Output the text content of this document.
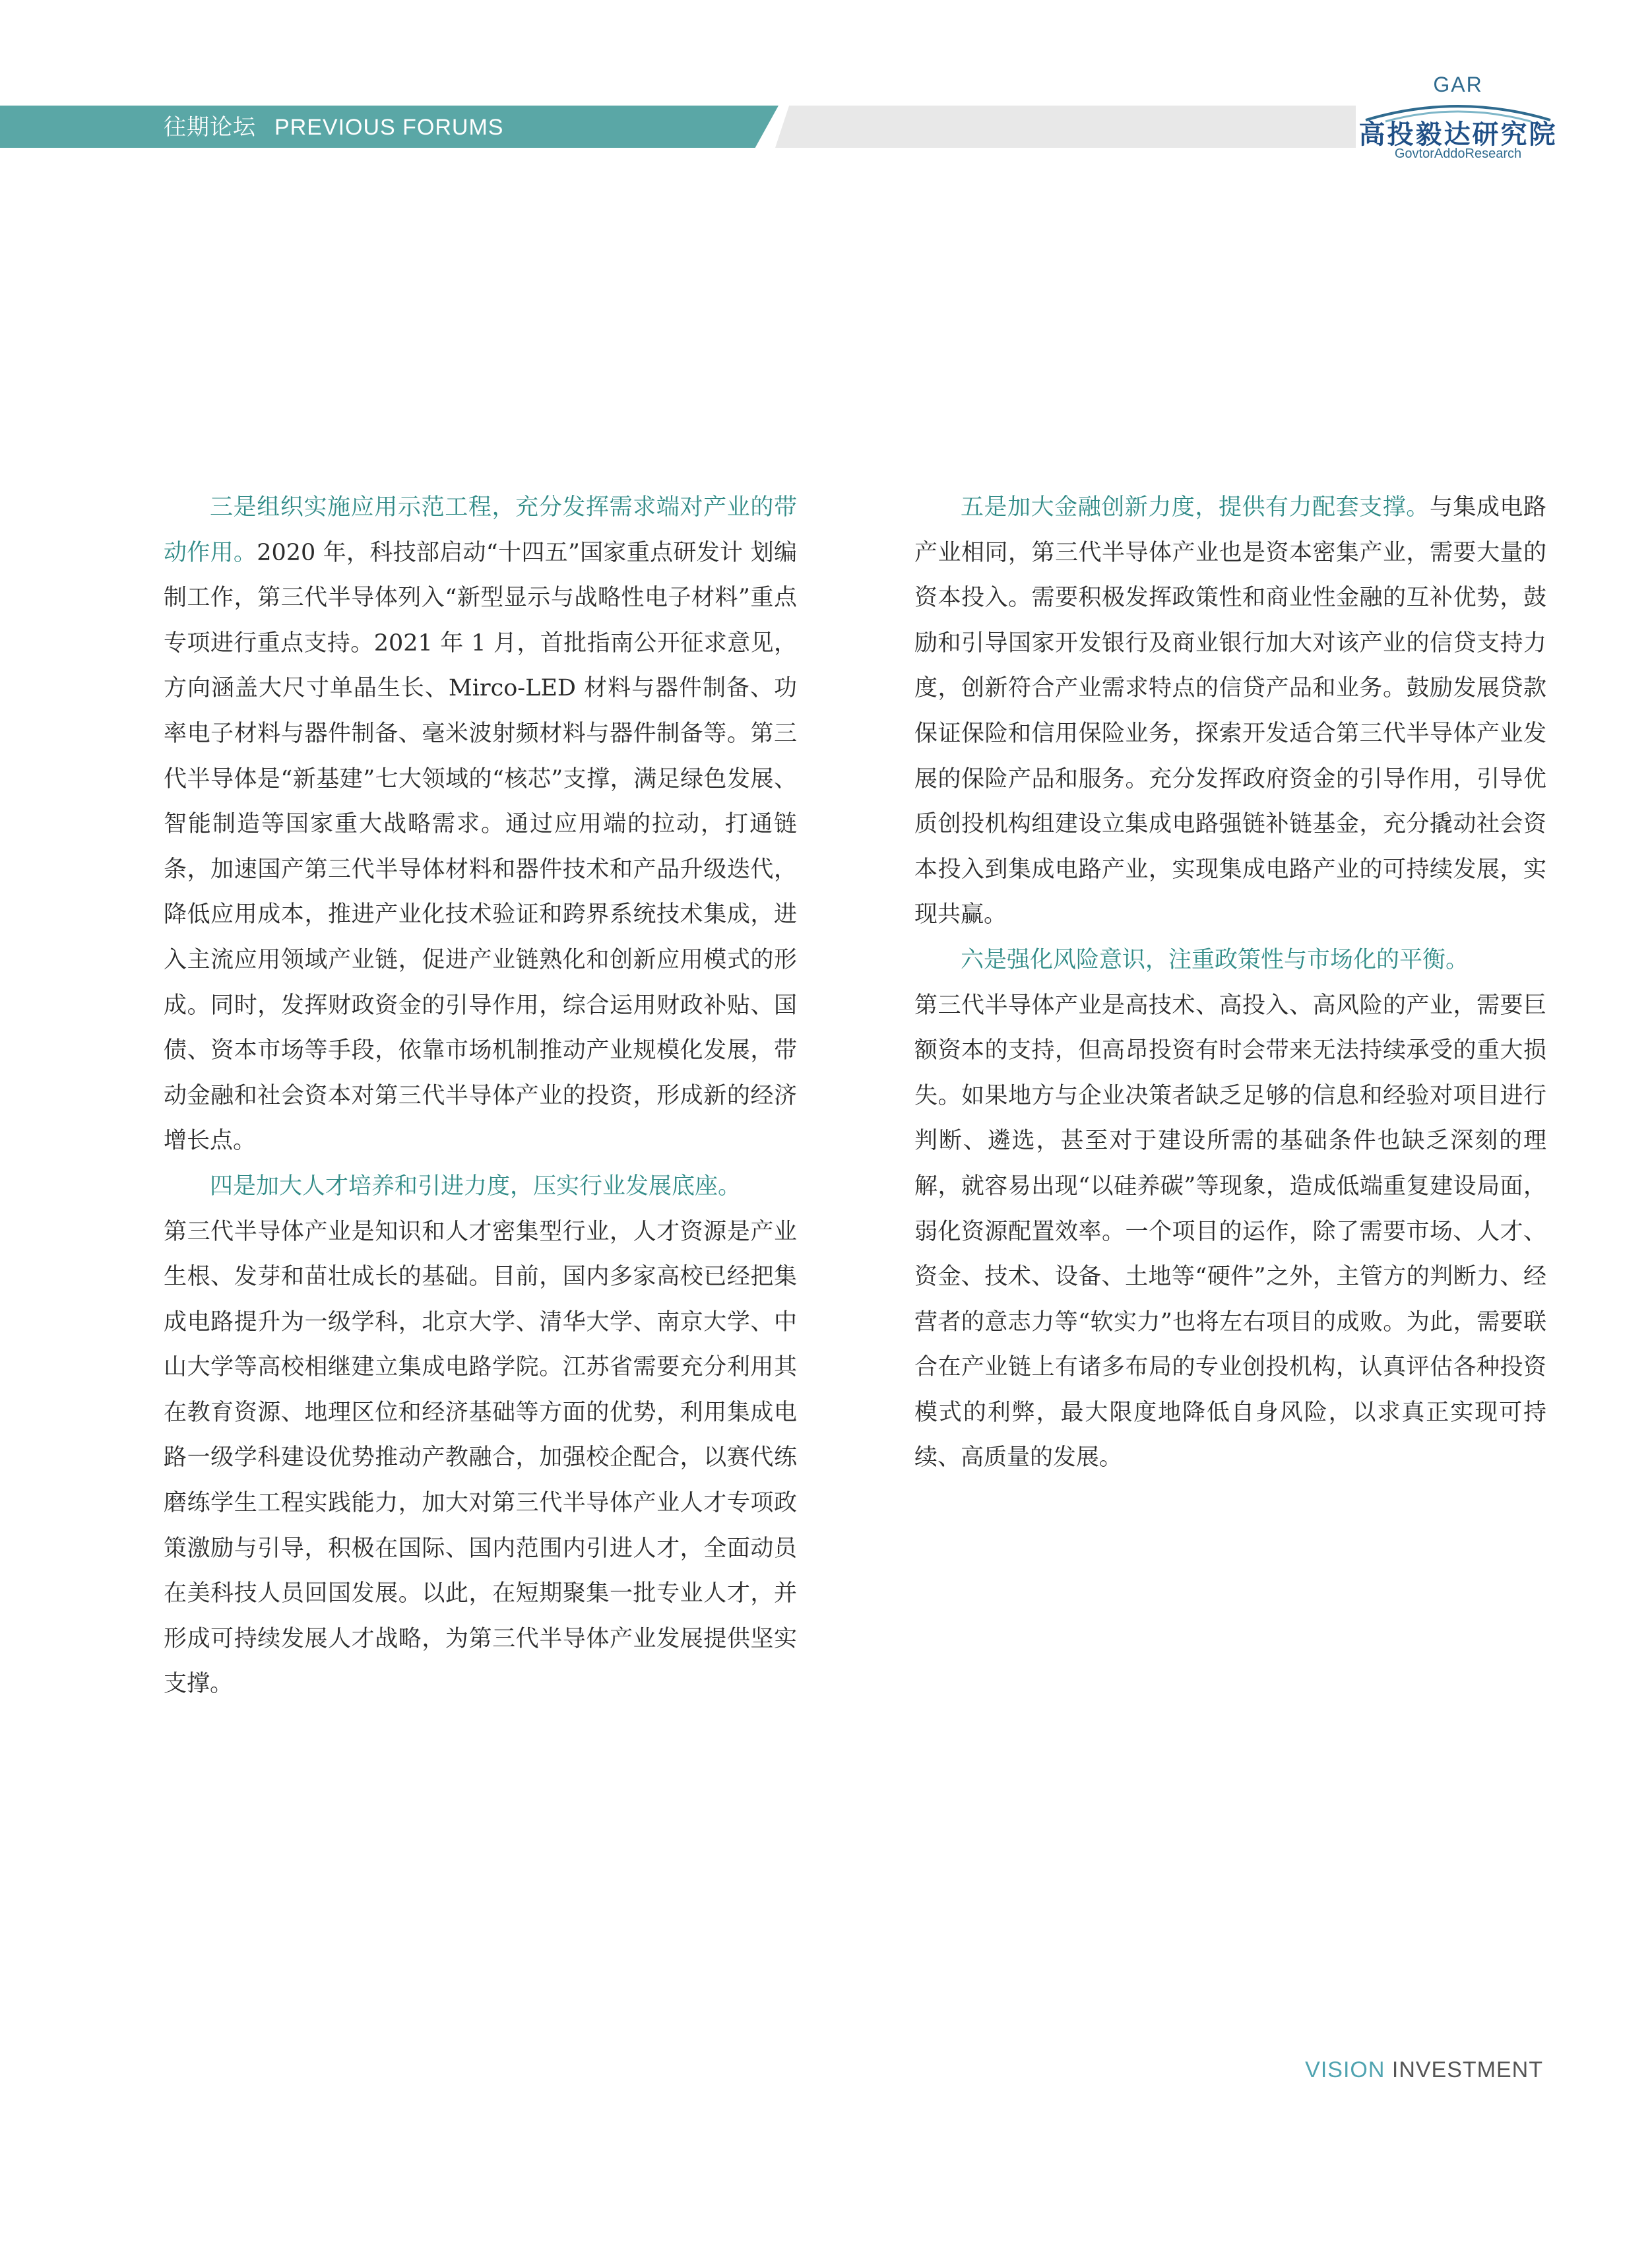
往期论坛 PREVIOUS FORUMS
GAR
高投毅达研究院
GovtorAddoResearch

三是组织实施应用示范工程，充分发挥需求端对产业的带动作用。2020 年，科技部启动“十四五”国家重点研发计 划编制工作，第三代半导体列入“新型显示与战略性电子材料”重点专项进行重点支持。2021 年 1 月，首批指南公开征求意见，方向涵盖大尺寸单晶生长、Mirco-LED 材料与器件制备、功率电子材料与器件制备、毫米波射频材料与器件制备等。第三代半导体是“新基建”七大领域的“核芯”支撑，满足绿色发展、智能制造等国家重大战略需求。通过应用端的拉动，打通链条，加速国产第三代半导体材料和器件技术和产品升级迭代，降低应用成本，推进产业化技术验证和跨界系统技术集成，进入主流应用领域产业链，促进产业链熟化和创新应用模式的形成。同时，发挥财政资金的引导作用，综合运用财政补贴、国债、资本市场等手段，依靠市场机制推动产业规模化发展，带动金融和社会资本对第三代半导体产业的投资，形成新的经济增长点。

四是加大人才培养和引进力度，压实行业发展底座。
第三代半导体产业是知识和人才密集型行业，人才资源是产业生根、发芽和苗壮成长的基础。目前，国内多家高校已经把集成电路提升为一级学科，北京大学、清华大学、南京大学、中山大学等高校相继建立集成电路学院。江苏省需要充分利用其在教育资源、地理区位和经济基础等方面的优势，利用集成电路一级学科建设优势推动产教融合，加强校企配合，以赛代练磨练学生工程实践能力，加大对第三代半导体产业人才专项政策激励与引导，积极在国际、国内范围内引进人才，全面动员在美科技人员回国发展。以此，在短期聚集一批专业人才，并形成可持续发展人才战略，为第三代半导体产业发展提供坚实支撑。

五是加大金融创新力度，提供有力配套支撑。与集成电路产业相同，第三代半导体产业也是资本密集产业，需要大量的资本投入。需要积极发挥政策性和商业性金融的互补优势，鼓励和引导国家开发银行及商业银行加大对该产业的信贷支持力度，创新符合产业需求特点的信贷产品和业务。鼓励发展贷款保证保险和信用保险业务，探索开发适合第三代半导体产业发展的保险产品和服务。充分发挥政府资金的引导作用，引导优质创投机构组建设立集成电路强链补链基金，充分撬动社会资本投入到集成电路产业，实现集成电路产业的可持续发展，实现共赢。

六是强化风险意识，注重政策性与市场化的平衡。
第三代半导体产业是高技术、高投入、高风险的产业，需要巨额资本的支持，但高昂投资有时会带来无法持续承受的重大损失。如果地方与企业决策者缺乏足够的信息和经验对项目进行判断、遴选，甚至对于建设所需的基础条件也缺乏深刻的理解，就容易出现“以硅养碳”等现象，造成低端重复建设局面，弱化资源配置效率。一个项目的运作，除了需要市场、人才、资金、技术、设备、土地等“硬件”之外，主管方的判断力、经营者的意志力等“软实力”也将左右项目的成败。为此，需要联合在产业链上有诸多布局的专业创投机构，认真评估各种投资模式的利弊，最大限度地降低自身风险，以求真正实现可持续、高质量的发展。

VISION INVESTMENT
